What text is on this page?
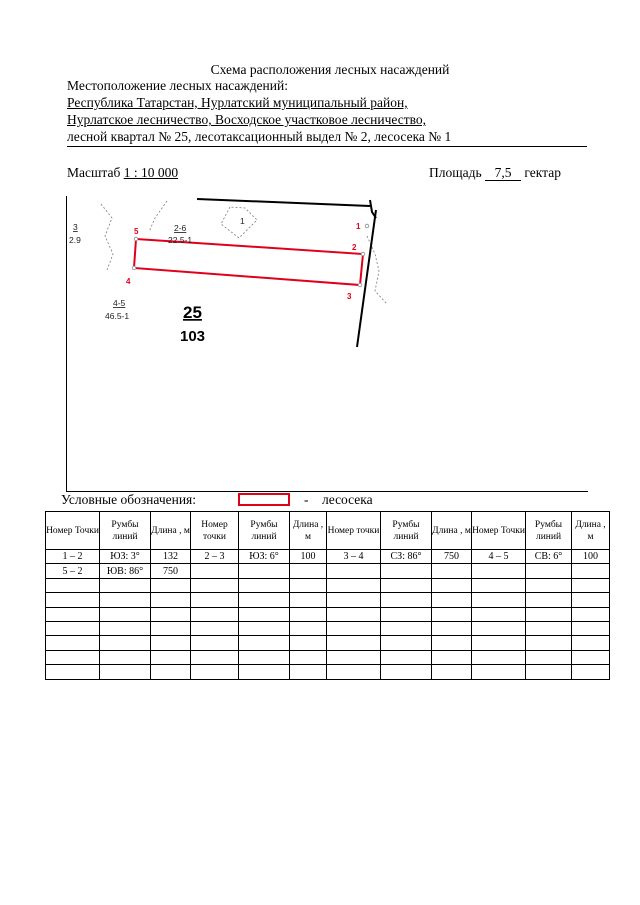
Схема расположения лесных насаждений
Местоположение лесных насаждений:
Республика Татарстан, Нурлатский муниципальный район,
Нурлатское лесничество, Восходское участковое лесничество,
лесной квартал № 25, лесотаксационный выдел № 2, лесосека № 1
Масштаб 1 : 10 000	Площадь 7,5 гектар
1
2
3
4
5
3
2.9
2-6
22.5-1
1
4-5
46.5-1	25
103
Условные обозначения:	- лесосека
Номер Точки	Румбы линий	Длина , м	Номер точки	Румбы линий	Длина , м	Номер точки	Румбы линий	Длина , м	Номер Точки	Румбы линий	Длина , м
1 – 2	ЮЗ: 3°	132	2 – 3	ЮЗ: 6°	100	3 – 4	СЗ: 86°	750	4 – 5	СВ: 6°	100
5 – 2	ЮВ: 86°	750									
